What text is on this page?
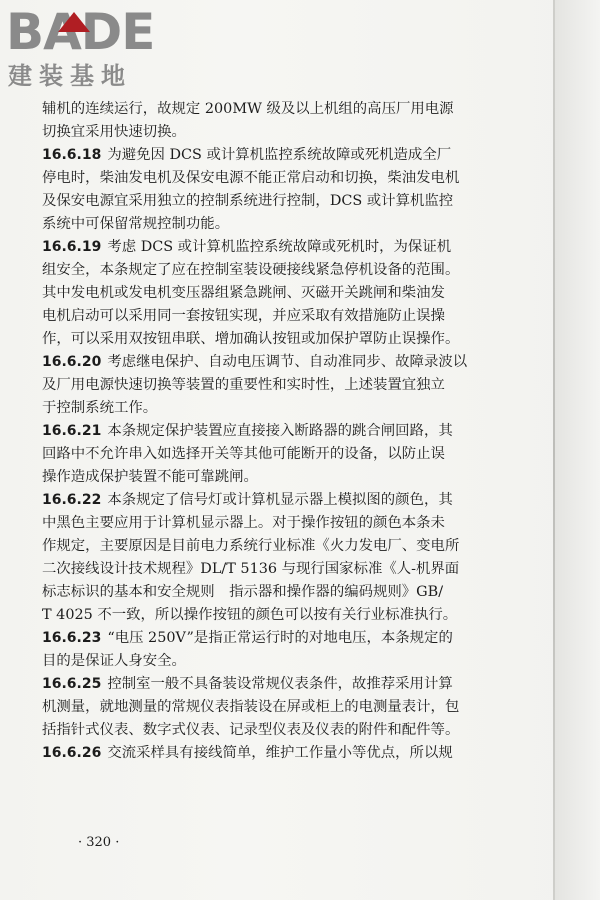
BADE
建装基地
辅机的连续运行，故规定 200MW 级及以上机组的高压厂用电源
切换宜采用快速切换。
16.6.18 为避免因 DCS 或计算机监控系统故障或死机造成全厂
停电时，柴油发电机及保安电源不能正常启动和切换，柴油发电机
及保安电源宜采用独立的控制系统进行控制，DCS 或计算机监控
系统中可保留常规控制功能。
16.6.19 考虑 DCS 或计算机监控系统故障或死机时，为保证机
组安全，本条规定了应在控制室装设硬接线紧急停机设备的范围。
其中发电机或发电机变压器组紧急跳闸、灭磁开关跳闸和柴油发
电机启动可以采用同一套按钮实现，并应采取有效措施防止误操
作，可以采用双按钮串联、增加确认按钮或加保护罩防止误操作。
16.6.20 考虑继电保护、自动电压调节、自动准同步、故障录波以
及厂用电源快速切换等装置的重要性和实时性，上述装置宜独立
于控制系统工作。
16.6.21 本条规定保护装置应直接接入断路器的跳合闸回路，其
回路中不允许串入如选择开关等其他可能断开的设备，以防止误
操作造成保护装置不能可靠跳闸。
16.6.22 本条规定了信号灯或计算机显示器上模拟图的颜色，其
中黑色主要应用于计算机显示器上。对于操作按钮的颜色本条未
作规定，主要原因是目前电力系统行业标准《火力发电厂、变电所
二次接线设计技术规程》DL/T 5136 与现行国家标准《人-机界面
标志标识的基本和安全规则　指示器和操作器的编码规则》GB/
T 4025 不一致，所以操作按钮的颜色可以按有关行业标准执行。
16.6.23 “电压 250V”是指正常运行时的对地电压，本条规定的
目的是保证人身安全。
16.6.25 控制室一般不具备装设常规仪表条件，故推荐采用计算
机测量，就地测量的常规仪表指装设在屏或柜上的电测量表计，包
括指针式仪表、数字式仪表、记录型仪表及仪表的附件和配件等。
16.6.26 交流采样具有接线简单，维护工作量小等优点，所以规
· 320 ·
